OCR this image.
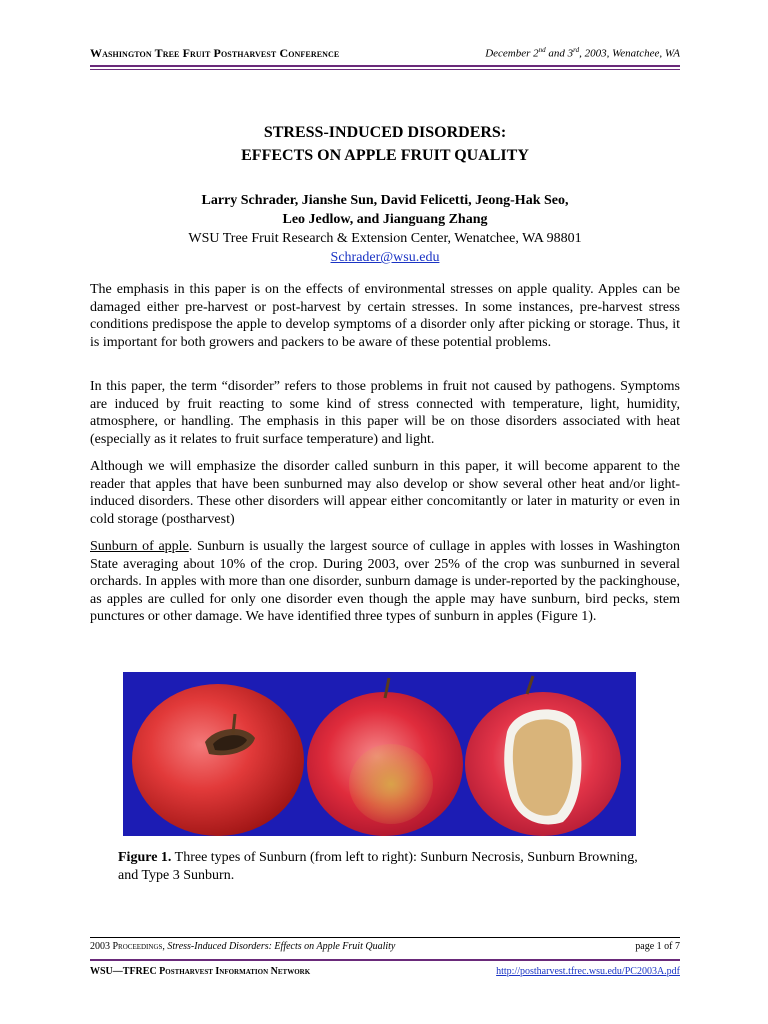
Washington Tree Fruit Postharvest Conference	December 2nd and 3rd, 2003, Wenatchee, WA
STRESS-INDUCED DISORDERS:
EFFECTS ON APPLE FRUIT QUALITY
Larry Schrader, Jianshe Sun, David Felicetti, Jeong-Hak Seo,
Leo Jedlow, and Jianguang Zhang
WSU Tree Fruit Research & Extension Center, Wenatchee, WA 98801
Schrader@wsu.edu

The emphasis in this paper is on the effects of environmental stresses on apple quality. Apples can be damaged either pre-harvest or post-harvest by certain stresses. In some instances, pre-harvest stress conditions predispose the apple to develop symptoms of a disorder only after picking or storage. Thus, it is important for both growers and packers to be aware of these potential problems.

In this paper, the term “disorder” refers to those problems in fruit not caused by pathogens. Symptoms are induced by fruit reacting to some kind of stress connected with temperature, light, humidity, atmosphere, or handling. The emphasis in this paper will be on those disorders associated with heat (especially as it relates to fruit surface temperature) and light.

Although we will emphasize the disorder called sunburn in this paper, it will become apparent to the reader that apples that have been sunburned may also develop or show several other heat and/or light-induced disorders. These other disorders will appear either concomitantly or later in maturity or even in cold storage (postharvest)

Sunburn of apple. Sunburn is usually the largest source of cullage in apples with losses in Washington State averaging about 10% of the crop. During 2003, over 25% of the crop was sunburned in several orchards. In apples with more than one disorder, sunburn damage is under-reported by the packinghouse, as apples are culled for only one disorder even though the apple may have sunburn, bird pecks, stem punctures or other damage. We have identified three types of sunburn in apples (Figure 1).

Figure 1. Three types of Sunburn (from left to right): Sunburn Necrosis, Sunburn Browning, and Type 3 Sunburn.
2003 Proceedings, Stress-Induced Disorders: Effects on Apple Fruit Quality	page 1 of 7
WSU—TFREC Postharvest Information Network	http://postharvest.tfrec.wsu.edu/PC2003A.pdf
